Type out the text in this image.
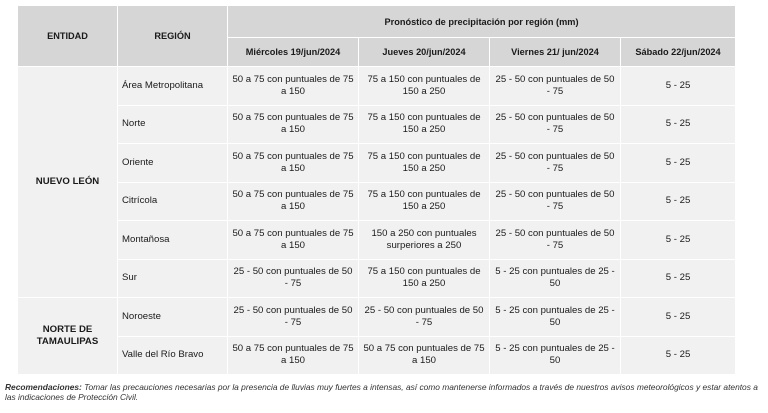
ENTIDAD	REGIÓN	Pronóstico de precipitación por región (mm)			
		Miércoles 19/jun/2024	Jueves 20/jun/2024	Viernes 21/ jun/2024	Sábado 22/jun/2024
NUEVO LEÓN	Área Metropolitana	50 a 75 con puntuales de 75 a 150	75 a 150 con puntuales de 150 a 250	25 - 50 con puntuales de 50 - 75	5 - 25
	Norte	50 a 75 con puntuales de 75 a 150	75 a 150 con puntuales de 150 a 250	25 - 50 con puntuales de 50 - 75	5 - 25
	Oriente	50 a 75 con puntuales de 75 a 150	75 a 150 con puntuales de 150 a 250	25 - 50 con puntuales de 50 - 75	5 - 25
	Citrícola	50 a 75 con puntuales de 75 a 150	75 a 150 con puntuales de 150 a 250	25 - 50 con puntuales de 50 - 75	5 - 25
	Montañosa	50 a 75 con puntuales de 75 a 150	150 a 250 con puntuales surperiores a 250	25 - 50 con puntuales de 50 - 75	5 - 25
	Sur	25 - 50 con puntuales de 50 - 75	75 a 150 con puntuales de 150 a 250	5 - 25 con puntuales de 25 - 50	5 - 25
NORTE DE TAMAULIPAS	Noroeste	25 - 50 con puntuales de 50 - 75	25 - 50 con puntuales de 50 - 75	5 - 25 con puntuales de 25 - 50	5 - 25
	Valle del Río Bravo	50 a 75 con puntuales de 75 a 150	50 a 75 con puntuales de 75 a 150	5 - 25 con puntuales de 25 - 50	5 - 25
Recomendaciones: Tomar las precauciones necesarias por la presencia de lluvias muy fuertes a intensas, así como mantenerse informados a través de nuestros avisos meteorológicos y estar atentos a las indicaciones de Protección Civil.
